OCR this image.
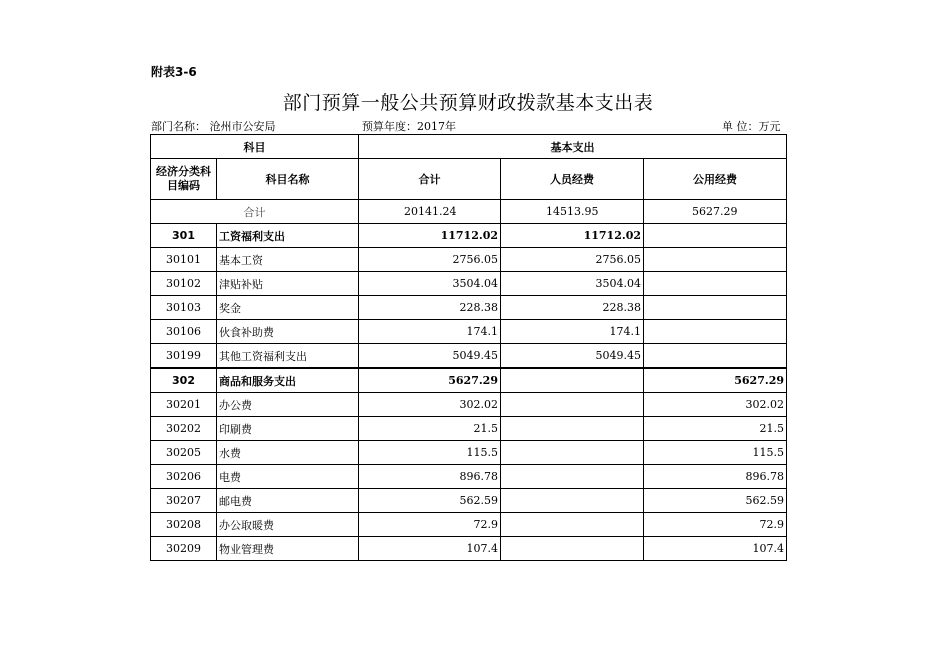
附表3-6
部门预算一般公共预算财政拨款基本支出表
部门名称： 沧州市公安局	预算年度：2017年	单 位：万元
科目		基本支出		
经济分类科目编码	科目名称	合计	人员经费	公用经费
合计		20141.24	14513.95	5627.29
301	工资福利支出	11712.02	11712.02	
30101	基本工资	2756.05	2756.05	
30102	津贴补贴	3504.04	3504.04	
30103	奖金	228.38	228.38	
30106	伙食补助费	174.1	174.1	
30199	其他工资福利支出	5049.45	5049.45	
302	商品和服务支出	5627.29		5627.29
30201	办公费	302.02		302.02
30202	印刷费	21.5		21.5
30205	水费	115.5		115.5
30206	电费	896.78		896.78
30207	邮电费	562.59		562.59
30208	办公取暖费	72.9		72.9
30209	物业管理费	107.4		107.4
